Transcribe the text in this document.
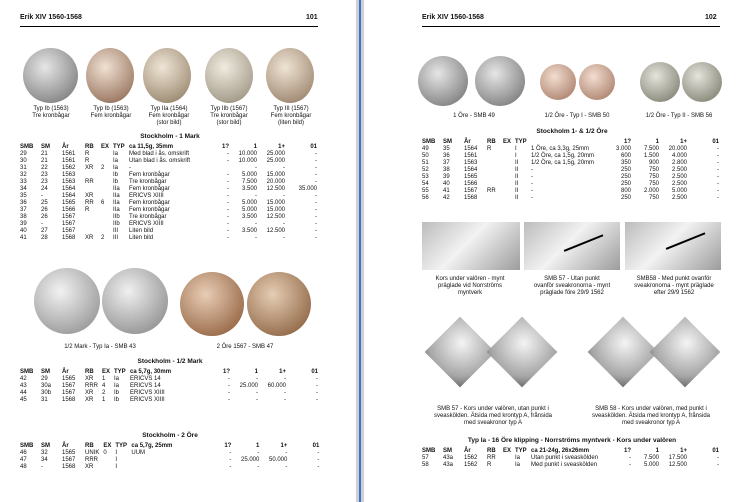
Erik XIV 1560-1568	101
Typ Ib (1563)
Tre kronbågar
Typ Ib (1563)
Fem kronbågar
Typ IIa (1564)
Fem kronbågar
(stor bild)
Typ IIb (1567)
Tre kronbågar
(stor bild)
Typ III (1567)
Fem kronbågar
(liten bild)
Stockholm - 1 Mark
SMB	SM	År	RB	EX	TYP	ca 11,5g, 35mm	1?	1	1+	01
29	21	1561	R		Ia	Med blad i ås. omskrift	-	10.000	25.000	-
30	21	1561	R		Ia	Utan blad i ås. omskrift	-	10.000	25.000	-
31	22	1562	XR	2	Ia	-		-	-	-
32	23	1563			Ib	Fem kronbågar	-	5.000	15.000	-
33	23	1563	RR		Ib	Tre kronbågar	-	7.500	20.000	-
34	24	1564			IIa	Fem kronbågar	-	3.500	12.500	35.000
35	-	1564	XR		IIa	ERICVS XIIII	-	-	-	-
36	25	1565	RR	6	IIa	Fem kronbågar	-	5.000	15.000	-
37	26	1566	R		IIa	Fem kronbågar	-	5.000	15.000	-
38	26	1567			IIb	Tre kronbågar	-	3.500	12.500	-
39	-	1567			IIb	ERICVS XIIII	-	-	-	-
40	27	1567			III	Liten bild	-	3.500	12.500	-
41	28	1568	XR	2	III	Liten bild	-	-	-	-
1/2 Mark - Typ Ia - SMB 43	2 Öre 1567 - SMB 47
Stockholm - 1/2 Mark
SMB	SM	År	RB	EX	TYP	ca 5,7g, 30mm	1?	1	1+	01
42	29	1565	XR	1	Ia	ERICVS 14	-	-	-	-
43	30a	1567	RRR	4	Ia	ERICVS 14	-	25.000	60.000	-
44	30b	1567	XR	2	Ib	ERICVS XIIII	-	-	-	-
45	31	1568	XR	1	Ib	ERICVS XIIII	-	-	-	-
Stockholm - 2 Öre
SMB	SM	År	RB	EX	TYP	ca 5,7g, 25mm	1?	1	1+	01
46	32	1565	UNIK	0	I	UUM	-	-	-	-
47	34	1567	RRR		I		-	25.000	50.000	-
48	-	1568	XR		I		-	-	-	-
Erik XIV 1560-1568	102
1 Öre - SMB 49	1/2 Öre - Typ I - SMB 50	1/2 Öre - Typ II - SMB 56
Stockholm 1- & 1/2 Öre
SMB	SM	År	RB	EX	TYP		1?	1	1+	01
49	35	1564	R		I	1 Öre, ca 3,3g, 25mm	3.000	7.500	20.000	-
50	36	1561			I	1/2 Öre, ca 1,5g, 20mm	600	1.500	4.000	-
51	37	1563			II	1/2 Öre, ca 1,5g, 20mm	350	900	2.800	-
52	38	1564			II	-	250	750	2.500	-
53	39	1565			II	-	250	750	2.500	-
54	40	1566			II	-	250	750	2.500	-
55	41	1567	RR		II	-	800	2.000	5.000	-
56	42	1568			II	-	250	750	2.500	-
Kors under valören - mynt
präglade vid Norrströms
myntverk
SMB 57 - Utan punkt
ovanför sveakronorna - mynt
präglade före 29/9 1562
SMB58 - Med punkt ovanför
sveakronorna - mynt präglade
efter 29/9 1562
SMB 57 - Kors under valören, utan punkt i
sveaskölden. Ätsida med krontyp A, frånsida
med sveakronor typ A
SMB 58 - Kors under valören, med punkt i
sveaskölden. Ätsida med krontyp A, frånsida
med sveakronor typ A
Typ Ia - 16 Öre klipping - Norrströms myntverk - Kors under valören
SMB	SM	År	RB	EX	TYP	ca 21-24g, 26x26mm	1?	1	1+	01
57	43a	1562	RR		Ia	Utan punkt i sveaskölden	-	7.500	17.500	-
58	43a	1562	R		Ia	Med punkt i sveaskölden	-	5.000	12.500	-
